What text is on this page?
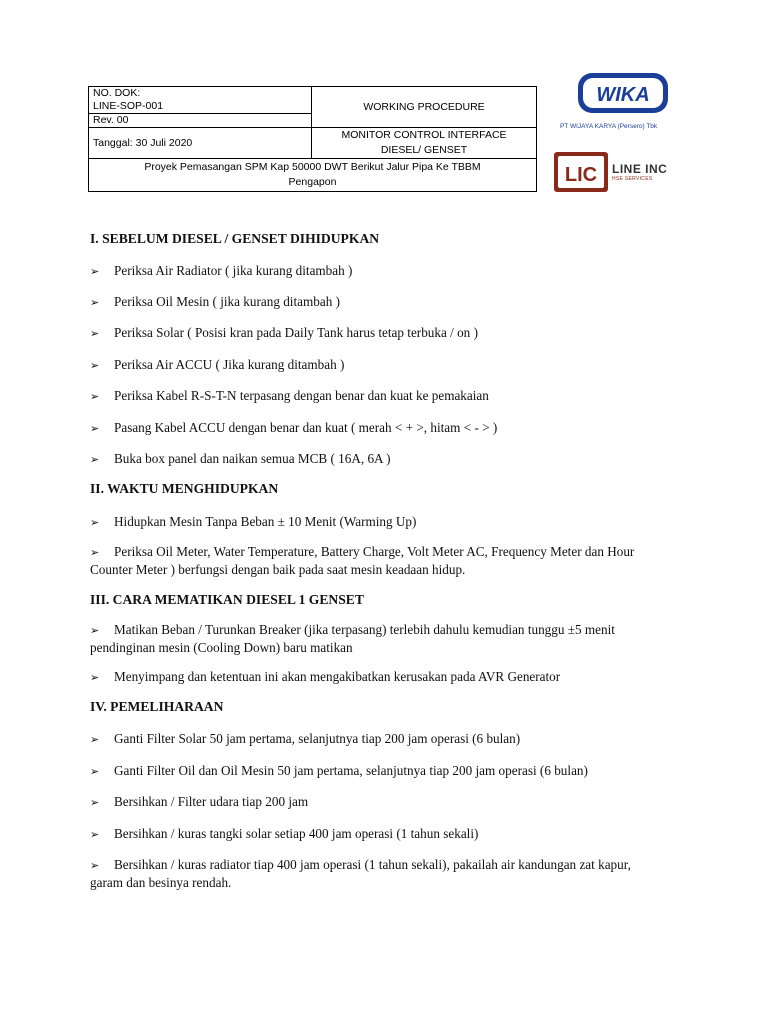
NO. DOK:
LINE-SOP-001	WORKING PROCEDURE
Rev. 00	
Tanggal: 30 Juli 2020	MONITOR CONTROL INTERFACE
DIESEL/ GENSET

Proyek Pemasangan SPM Kap 50000 DWT Berikut Jalur Pipa Ke TBBM
Pengapon	
WIKA
PT WIJAYA KARYA (Persero) Tbk
LIC LINE INC
HSE SERVICES
I. SEBELUM DIESEL / GENSET DIHIDUPKAN
➢ Periksa Air Radiator ( jika kurang ditambah )
➢ Periksa Oil Mesin ( jika kurang ditambah )
➢ Periksa Solar ( Posisi kran pada Daily Tank harus tetap terbuka / on )
➢ Periksa Air ACCU ( Jika kurang ditambah )
➢ Periksa Kabel R-S-T-N terpasang dengan benar dan kuat ke pemakaian
➢ Pasang Kabel ACCU dengan benar dan kuat ( merah < + >, hitam < - > )
➢ Buka box panel dan naikan semua MCB ( 16A, 6A )
II. WAKTU MENGHIDUPKAN
➢ Hidupkan Mesin Tanpa Beban ± 10 Menit (Warming Up)
➢ Periksa Oil Meter, Water Temperature, Battery Charge, Volt Meter AC, Frequency Meter dan Hour Counter Meter ) berfungsi dengan baik pada saat mesin keadaan hidup.
III. CARA MEMATIKAN DIESEL 1 GENSET
➢ Matikan Beban / Turunkan Breaker (jika terpasang) terlebih dahulu kemudian tunggu ±5 menit pendinginan mesin (Cooling Down) baru matikan
➢ Menyimpang dan ketentuan ini akan mengakibatkan kerusakan pada AVR Generator
IV. PEMELIHARAAN
➢ Ganti Filter Solar 50 jam pertama, selanjutnya tiap 200 jam operasi (6 bulan)
➢ Ganti Filter Oil dan Oil Mesin 50 jam pertama, selanjutnya tiap 200 jam operasi (6 bulan)
➢ Bersihkan / Filter udara tiap 200 jam
➢ Bersihkan / kuras tangki solar setiap 400 jam operasi (1 tahun sekali)
➢ Bersihkan / kuras radiator tiap 400 jam operasi (1 tahun sekali), pakailah air kandungan zat kapur, garam dan besinya rendah.
